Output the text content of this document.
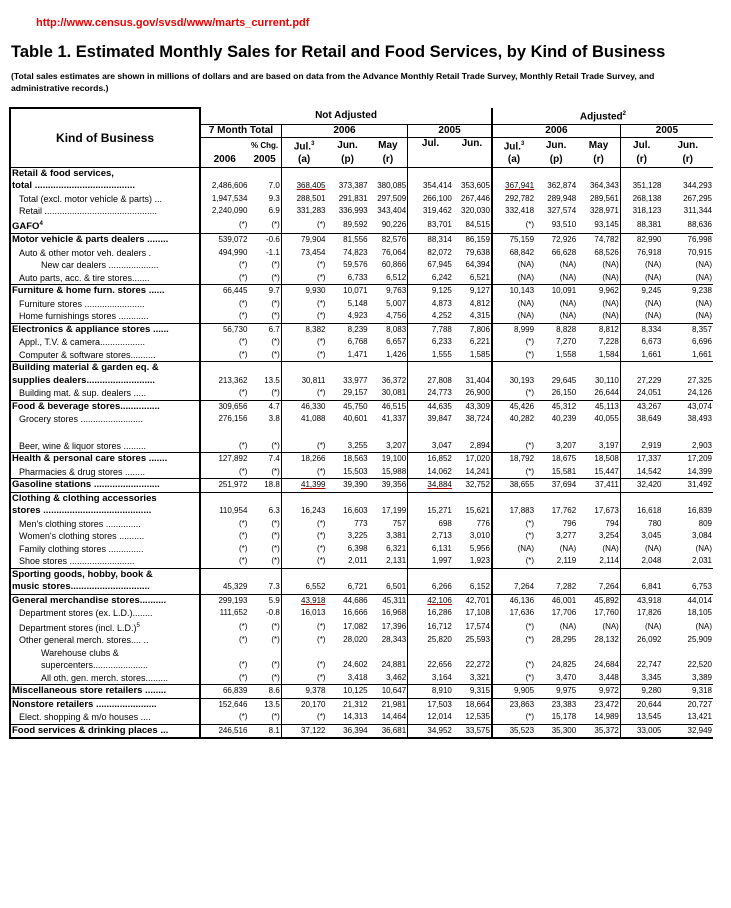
http://www.census.gov/svsd/www/marts_current.pdf
Table 1. Estimated Monthly Sales for Retail and Food Services, by Kind of Business
(Total sales estimates are shown in millions of dollars and are based on data from the Advance Monthly Retail Trade Survey, Monthly Retail Trade Survey, and administrative records.)
Kind of Business	Not Adjusted							Adjusted$^2$
	7 Month Total		2006			2005		2006			2005	
	2006	% Chg.	Jul.$^3$	Jun.	May	Jul.	Jun.	Jul.$^3$	Jun.	May	Jul.	Jun.
		2005	(a)	(p)	(r)			(a)	(p)	(r)	(r)	(r)
Retail & food services,												
total ......................................	2,486,606	7.0	368,405	373,387	380,085	354,414	353,605	367,941	362,874	364,343	351,128	344,293
Total (excl. motor vehicle & parts) ...	1,947,534	9.3	288,501	291,831	297,509	266,100	267,446	292,782	289,948	289,561	268,138	267,295
Retail .............................................	2,240,090	6.9	331,283	336,993	343,404	319,462	320,030	332,418	327,574	328,971	318,123	311,344
GAFO$^4$	(*)	(*)	(*)	89,592	90,226	83,701	84,515	(*)	93,510	93,145	88,381	88,636
Motor vehicle & parts dealers ........	539,072	-0.6	79,904	81,556	82,576	88,314	86,159	75,159	72,926	74,782	82,990	76,998
Auto & other motor veh. dealers .	494,990	-1.1	73,454	74,823	76,064	82,072	79,638	68,842	66,628	68,526	76,918	70,915
New car dealers ....................	(*)	(*)	(*)	59,576	60,866	67,945	64,394	(NA)	(NA)	(NA)	(NA)	(NA)
Auto parts, acc. & tire stores.......	(*)	(*)	(*)	6,733	6,512	6,242	6,521	(NA)	(NA)	(NA)	(NA)	(NA)
Furniture & home furn. stores ......	66,445	9.7	9,930	10,071	9,763	9,125	9,127	10,143	10,091	9,962	9,245	9,238
Furniture stores ........................	(*)	(*)	(*)	5,148	5,007	4,873	4,812	(NA)	(NA)	(NA)	(NA)	(NA)
Home furnishings stores ............	(*)	(*)	(*)	4,923	4,756	4,252	4,315	(NA)	(NA)	(NA)	(NA)	(NA)
Electronics & appliance stores ......	56,730	6.7	8,382	8,239	8,083	7,788	7,806	8,999	8,828	8,812	8,334	8,357
Appl., T.V. & camera..................	(*)	(*)	(*)	6,768	6,657	6,233	6,221	(*)	7,270	7,228	6,673	6,696
Computer & software stores..........	(*)	(*)	(*)	1,471	1,426	1,555	1,585	(*)	1,558	1,584	1,661	1,661
Building material & garden eq. &												
supplies dealers..........................	213,362	13.5	30,811	33,977	36,372	27,808	31,404	30,193	29,645	30,110	27,229	27,325
Building mat. & sup. dealers .....	(*)	(*)	(*)	29,157	30,081	24,773	26,900	(*)	26,150	26,644	24,051	24,126
Food & beverage stores...............	309,656	4.7	46,330	45,750	46,515	44,635	43,309	45,426	45,312	45,113	43,267	43,074
Grocery stores .........................	276,156	3.8	41,088	40,601	41,337	39,847	38,724	40,282	40,239	40,055	38,649	38,493

Beer, wine & liquor stores .........	(*)	(*)	(*)	3,255	3,207	3,047	2,894	(*)	3,207	3,197	2,919	2,903
Health & personal care stores .......	127,892	7.4	18,266	18,563	19,100	16,852	17,020	18,792	18,675	18,508	17,337	17,209
Pharmacies & drug stores ........	(*)	(*)	(*)	15,503	15,988	14,062	14,241	(*)	15,581	15,447	14,542	14,399
Gasoline stations .........................	251,972	18.8	41,399	39,390	39,356	34,884	32,752	38,655	37,694	37,411	32,420	31,492
Clothing & clothing accessories												
stores .........................................	110,954	6.3	16,243	16,603	17,199	15,271	15,621	17,883	17,762	17,673	16,618	16,839
Men's clothing stores ..............	(*)	(*)	(*)	773	757	698	776	(*)	796	794	780	809
Women's clothing stores ..........	(*)	(*)	(*)	3,225	3,381	2,713	3,010	(*)	3,277	3,254	3,045	3,084
Family clothing stores ..............	(*)	(*)	(*)	6,398	6,321	6,131	5,956	(NA)	(NA)	(NA)	(NA)	(NA)
Shoe stores ..........................	(*)	(*)	(*)	2,011	2,131	1,997	1,923	(*)	2,119	2,114	2,048	2,031
Sporting goods, hobby, book &												
music stores..............................	45,329	7.3	6,552	6,721	6,501	6,266	6,152	7,264	7,282	7,264	6,841	6,753
General merchandise stores..........	299,193	5.9	43,918	44,686	45,311	42,106	42,701	46,136	46,001	45,892	43,918	44,014
Department stores (ex. L.D.)........	111,652	-0.8	16,013	16,666	16,968	16,286	17,108	17,636	17,706	17,760	17,826	18,105
Department stores (incl. L.D.)$^5$	(*)	(*)	(*)	17,082	17,396	16,712	17,574	(*)	(NA)	(NA)	(NA)	(NA)
Other general merch. stores.... ..	(*)	(*)	(*)	28,020	28,343	25,820	25,593	(*)	28,295	28,132	26,092	25,909
Warehouse clubs &												
supercenters......................	(*)	(*)	(*)	24,602	24,881	22,656	22,272	(*)	24,825	24,684	22,747	22,520
All oth. gen. merch. stores.........	(*)	(*)	(*)	3,418	3,462	3,164	3,321	(*)	3,470	3,448	3,345	3,389
Miscellaneous store retailers ........	66,839	8.6	9,378	10,125	10,647	8,910	9,315	9,905	9,975	9,972	9,280	9,318
Nonstore retailers .......................	152,646	13.5	20,170	21,312	21,981	17,503	18,664	23,863	23,383	23,472	20,644	20,727
Elect. shopping & m/o houses ....	(*)	(*)	(*)	14,313	14,464	12,014	12,535	(*)	15,178	14,989	13,545	13,421
Food services & drinking places ...	246,516	8.1	37,122	36,394	36,681	34,952	33,575	35,523	35,300	35,372	33,005	32,949
